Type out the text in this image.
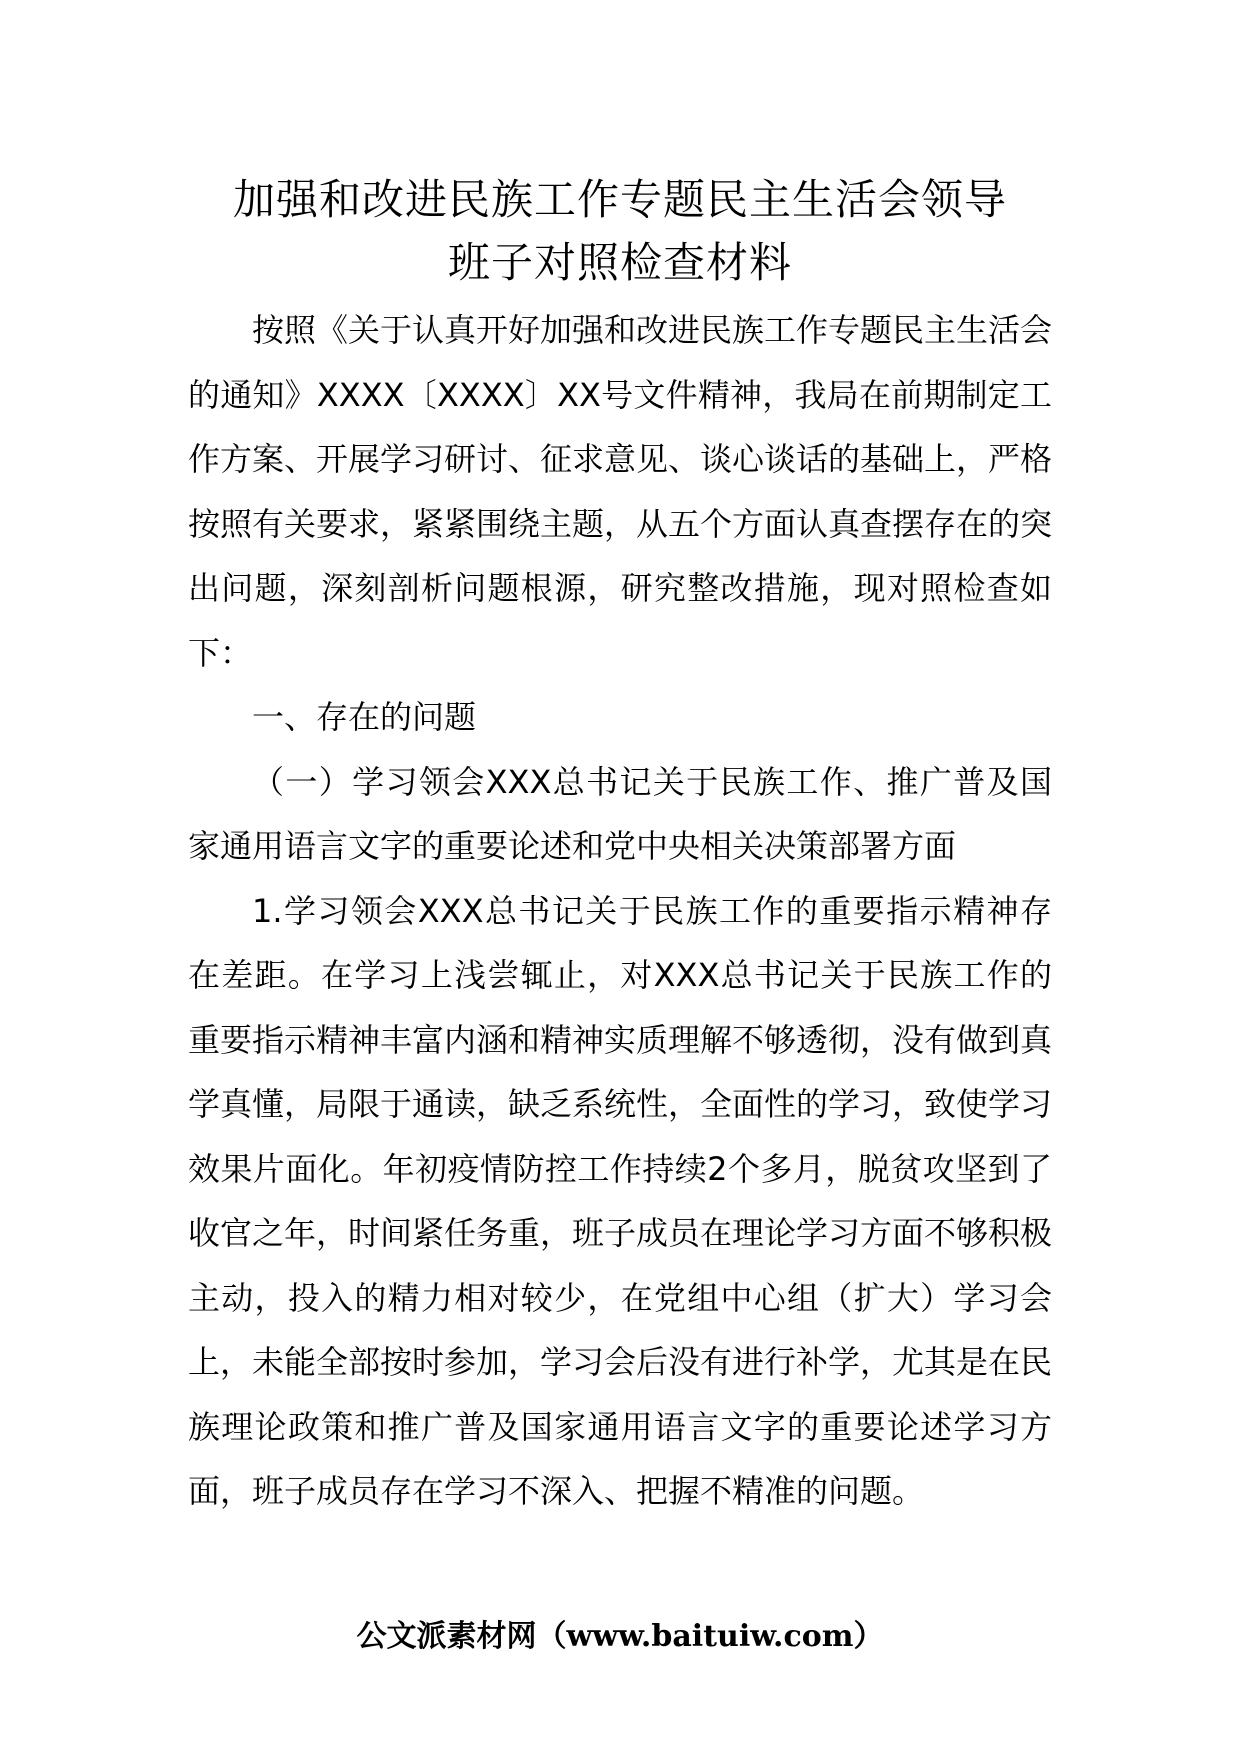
加强和改进民族工作专题民主生活会领导
班子对照检查材料

按照《关于认真开好加强和改进民族工作专题民主生活会的通知》XXXX〔XXXX〕XX号文件精神，我局在前期制定工作方案、开展学习研讨、征求意见、谈心谈话的基础上，严格按照有关要求，紧紧围绕主题，从五个方面认真查摆存在的突出问题，深刻剖析问题根源，研究整改措施，现对照检查如下：

一、存在的问题

（一）学习领会XXX总书记关于民族工作、推广普及国家通用语言文字的重要论述和党中央相关决策部署方面

1.学习领会XXX总书记关于民族工作的重要指示精神存在差距。在学习上浅尝辄止，对XXX总书记关于民族工作的重要指示精神丰富内涵和精神实质理解不够透彻，没有做到真学真懂，局限于通读，缺乏系统性，全面性的学习，致使学习效果片面化。年初疫情防控工作持续2个多月，脱贫攻坚到了收官之年，时间紧任务重，班子成员在理论学习方面不够积极主动，投入的精力相对较少，在党组中心组（扩大）学习会上，未能全部按时参加，学习会后没有进行补学，尤其是在民族理论政策和推广普及国家通用语言文字的重要论述学习方面，班子成员存在学习不深入、把握不精准的问题。

公文派素材网（www.baituiw.com）
